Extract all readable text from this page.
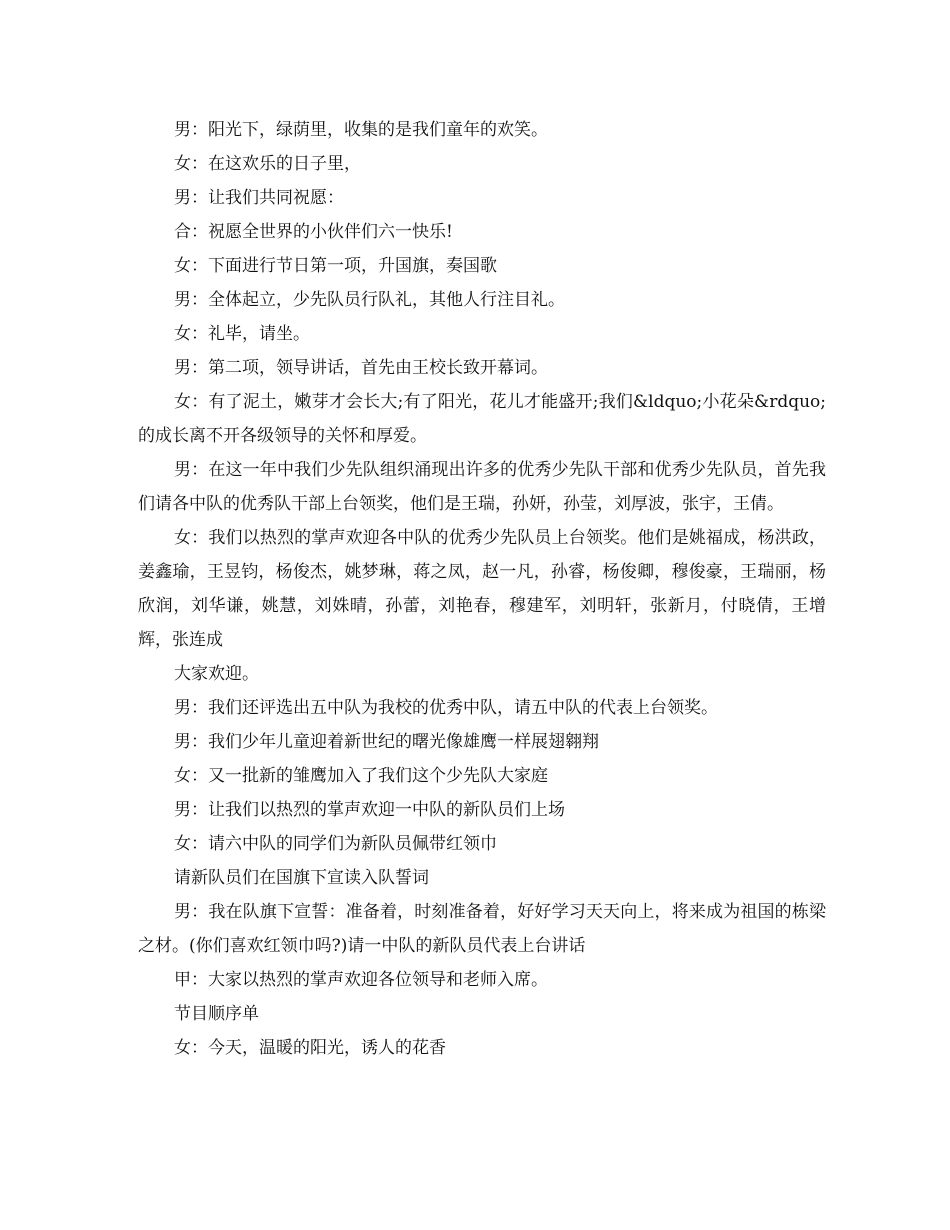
男：阳光下，绿荫里，收集的是我们童年的欢笑。

女：在这欢乐的日子里，

男：让我们共同祝愿：

合：祝愿全世界的小伙伴们六一快乐!

女：下面进行节日第一项，升国旗，奏国歌

男：全体起立，少先队员行队礼，其他人行注目礼。

女：礼毕，请坐。

男：第二项，领导讲话，首先由王校长致开幕词。

女：有了泥土，嫩芽才会长大;有了阳光，花儿才能盛开;我们&ldquo;小花朵&rdquo;的成长离不开各级领导的关怀和厚爱。

男：在这一年中我们少先队组织涌现出许多的优秀少先队干部和优秀少先队员，首先我们请各中队的优秀队干部上台领奖，他们是王瑞，孙妍，孙莹，刘厚波，张宇，王倩。

女：我们以热烈的掌声欢迎各中队的优秀少先队员上台领奖。他们是姚福成，杨洪政，姜鑫瑜，王昱钧，杨俊杰，姚梦琳，蒋之凤，赵一凡，孙睿，杨俊卿，穆俊豪，王瑞丽，杨欣润，刘华谦，姚慧，刘姝晴，孙蕾，刘艳春，穆建军，刘明轩，张新月，付晓倩，王增辉，张连成

大家欢迎。

男：我们还评选出五中队为我校的优秀中队，请五中队的代表上台领奖。

男：我们少年儿童迎着新世纪的曙光像雄鹰一样展翅翱翔

女：又一批新的雏鹰加入了我们这个少先队大家庭

男：让我们以热烈的掌声欢迎一中队的新队员们上场

女：请六中队的同学们为新队员佩带红领巾

请新队员们在国旗下宣读入队誓词

男：我在队旗下宣誓：准备着，时刻准备着，好好学习天天向上，将来成为祖国的栋梁之材。(你们喜欢红领巾吗?)请一中队的新队员代表上台讲话

甲：大家以热烈的掌声欢迎各位领导和老师入席。

节目顺序单

女：今天，温暖的阳光，诱人的花香
